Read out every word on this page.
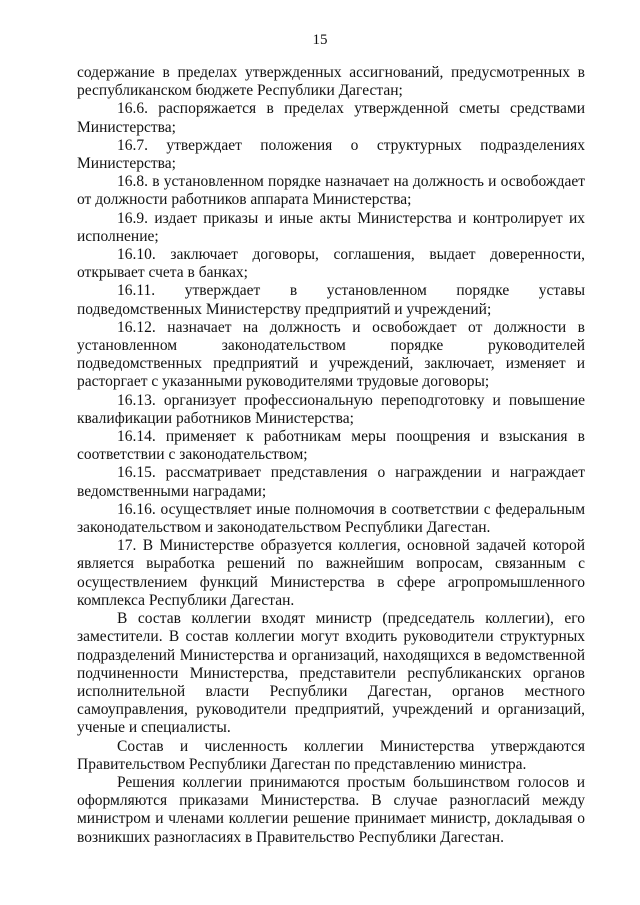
15

содержание в пределах утвержденных ассигнований, предусмотренных в республиканском бюджете Республики Дагестан;

16.6. распоряжается в пределах утвержденной сметы средствами Министерства;

16.7. утверждает положения о структурных подразделениях Министерства;

16.8. в установленном порядке назначает на должность и освобождает от должности работников аппарата Министерства;

16.9. издает приказы и иные акты Министерства и контролирует их исполнение;

16.10. заключает договоры, соглашения, выдает доверенности, открывает счета в банках;

16.11. утверждает в установленном порядке уставы подведомственных Министерству предприятий и учреждений;

16.12. назначает на должность и освобождает от должности в установленном законодательством порядке руководителей подведомственных предприятий и учреждений, заключает, изменяет и расторгает с указанными руководителями трудовые договоры;

16.13. организует профессиональную переподготовку и повышение квалификации работников Министерства;

16.14. применяет к работникам меры поощрения и взыскания в соответствии с законодательством;

16.15. рассматривает представления о награждении и награждает ведомственными наградами;

16.16. осуществляет иные полномочия в соответствии с федеральным законодательством и законодательством Республики Дагестан.

17. В Министерстве образуется коллегия, основной задачей которой является выработка решений по важнейшим вопросам, связанным с осуществлением функций Министерства в сфере агропромышленного комплекса Республики Дагестан.

В состав коллегии входят министр (председатель коллегии), его заместители. В состав коллегии могут входить руководители структурных подразделений Министерства и организаций, находящихся в ведомственной подчиненности Министерства, представители республиканских органов исполнительной власти Республики Дагестан, органов местного самоуправления, руководители предприятий, учреждений и организаций, ученые и специалисты.

Состав и численность коллегии Министерства утверждаются Правительством Республики Дагестан по представлению министра.

Решения коллегии принимаются простым большинством голосов и оформляются приказами Министерства. В случае разногласий между министром и членами коллегии решение принимает министр, докладывая о возникших разногласиях в Правительство Республики Дагестан.
